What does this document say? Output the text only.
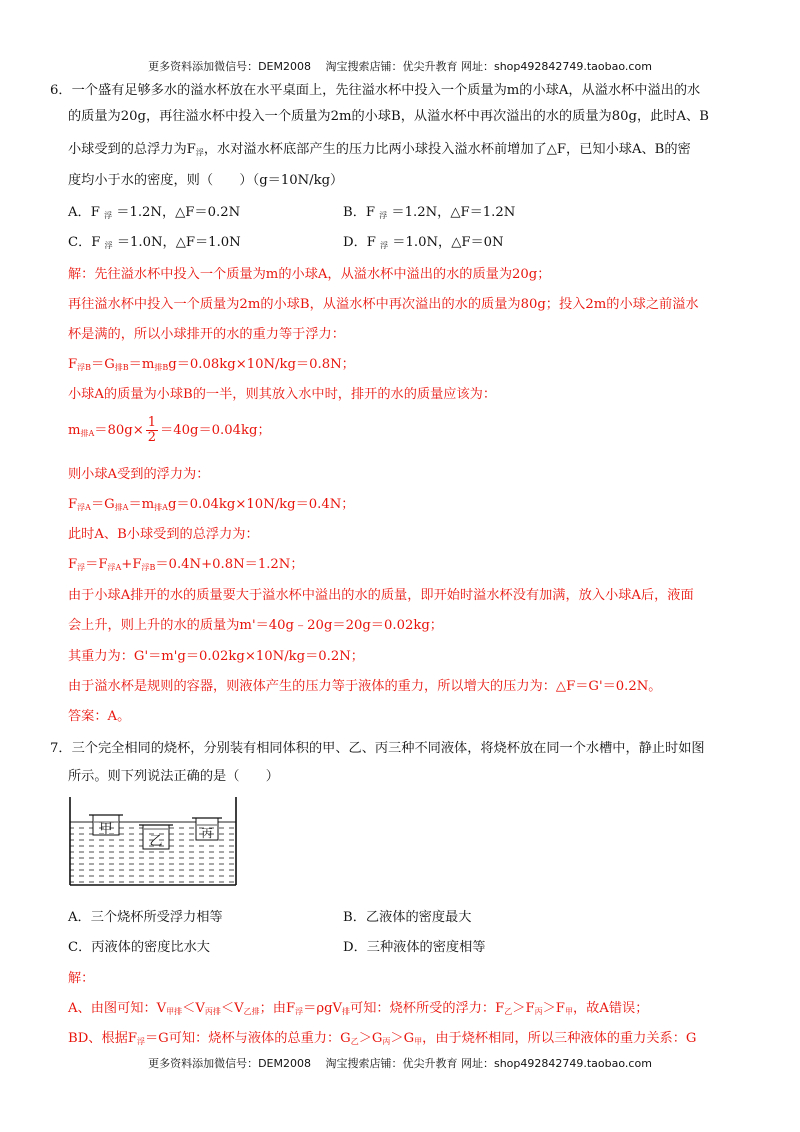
更多资料添加微信号：DEM2008　 淘宝搜索店铺：优尖升教育 网址：shop492842749.taobao.com
6．一个盛有足够多水的溢水杯放在水平桌面上，先往溢水杯中投入一个质量为m的小球A，从溢水杯中溢出的水
的质量为20g，再往溢水杯中投入一个质量为2m的小球B，从溢水杯中再次溢出的水的质量为80g，此时A、B
小球受到的总浮力为$F_浮$，水对溢水杯底部产生的压力比两小球投入溢水杯前增加了△F，已知小球A、B的密
度均小于水的密度，则（　　）（g＝10N/kg）
A．F $_浮$ ＝1.2N，△F＝0.2N	B．F $_浮$ ＝1.2N，△F＝1.2N
C．F $_浮$ ＝1.0N，△F＝1.0N	D．F $_浮$ ＝1.0N，△F＝0N
解：先往溢水杯中投入一个质量为m的小球A，从溢水杯中溢出的水的质量为20g；
再往溢水杯中投入一个质量为2m的小球B，从溢水杯中再次溢出的水的质量为80g；投入2m的小球之前溢水
杯是满的，所以小球排开的水的重力等于浮力：
$F_{浮B}=G_{排B}=m_{排B}g=0.08kg\times 10N/kg=0.8N$；
小球A的质量为小球B的一半，则其放入水中时，排开的水的质量应该为：
$m_{排A}=80g\times \frac{1}{2} =40g=0.04kg$；
则小球A受到的浮力为：
$F_{浮A}=G_{排A}=m_{排A}g=0.04kg\times 10N/kg=0.4N$；
此时A、B小球受到的总浮力为：
$F_浮=F_{浮A}+F_{浮B}=0.4N+0.8N=1.2N$；
由于小球A排开的水的质量要大于溢水杯中溢出的水的质量，即开始时溢水杯没有加满，放入小球A后，液面
会上升，则上升的水的质量为m'＝40g﹣20g＝20g＝0.02kg；
其重力为：G'＝m'g＝0.02kg×10N/kg＝0.2N；
由于溢水杯是规则的容器，则液体产生的压力等于液体的重力，所以增大的压力为：△F＝G'＝0.2N。
答案：A。
7．三个完全相同的烧杯，分别装有相同体积的甲、乙、丙三种不同液体，将烧杯放在同一个水槽中，静止时如图
所示。则下列说法正确的是（　　）
甲
乙
丙
A．三个烧杯所受浮力相等	B．乙液体的密度最大
C．丙液体的密度比水大	D．三种液体的密度相等
解：
A、由图可知：$V_{甲排}<V_{丙排}<V_{乙排}$；由$F_浮=\rho gV_排$可知：烧杯所受的浮力：$F_乙>F_丙>F_甲$，故A错误；
BD、根据$F_浮=G$可知：烧杯与液体的总重力：$G_乙>G_丙>G_甲$，由于烧杯相同，所以三种液体的重力关系：G
更多资料添加微信号：DEM2008　 淘宝搜索店铺：优尖升教育 网址：shop492842749.taobao.com
